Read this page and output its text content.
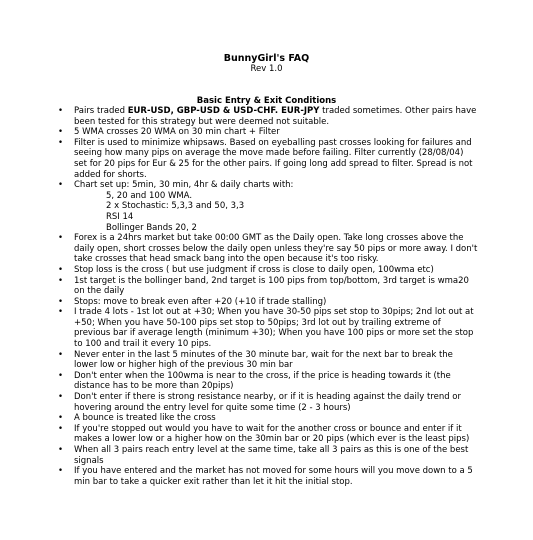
BunnyGirl's FAQ
Rev 1.0
Basic Entry & Exit Conditions
• Pairs traded EUR-USD, GBP-USD & USD-CHF. EUR-JPY traded sometimes. Other pairs have been tested for this strategy but were deemed not suitable.
• 5 WMA crosses 20 WMA on 30 min chart + Filter
• Filter is used to minimize whipsaws. Based on eyeballing past crosses looking for failures and seeing how many pips on average the move made before failing. Filter currently (28/08/04) set for 20 pips for Eur & 25 for the other pairs. If going long add spread to filter. Spread is not added for shorts.
• Chart set up: 5min, 30 min, 4hr & daily charts with:
5, 20 and 100 WMA.
2 x Stochastic: 5,3,3 and 50, 3,3
RSI 14
Bollinger Bands 20, 2
• Forex is a 24hrs market but take 00:00 GMT as the Daily open. Take long crosses above the daily open, short crosses below the daily open unless they're say 50 pips or more away. I don't take crosses that head smack bang into the open because it's too risky.
• Stop loss is the cross ( but use judgment if cross is close to daily open, 100wma etc)
• 1st target is the bollinger band, 2nd target is 100 pips from top/bottom, 3rd target is wma20 on the daily
• Stops: move to break even after +20 (+10 if trade stalling)
• I trade 4 lots - 1st lot out at +30; When you have 30-50 pips set stop to 30pips; 2nd lot out at +50; When you have 50-100 pips set stop to 50pips; 3rd lot out by trailing extreme of previous bar if average length (minimum +30); When you have 100 pips or more set the stop to 100 and trail it every 10 pips.
• Never enter in the last 5 minutes of the 30 minute bar, wait for the next bar to break the lower low or higher high of the previous 30 min bar
• Don't enter when the 100wma is near to the cross, if the price is heading towards it (the distance has to be more than 20pips)
• Don't enter if there is strong resistance nearby, or if it is heading against the daily trend or hovering around the entry level for quite some time (2 - 3 hours)
• A bounce is treated like the cross
• If you're stopped out would you have to wait for the another cross or bounce and enter if it makes a lower low or a higher how on the 30min bar or 20 pips (which ever is the least pips)
• When all 3 pairs reach entry level at the same time, take all 3 pairs as this is one of the best signals
• If you have entered and the market has not moved for some hours will you move down to a 5 min bar to take a quicker exit rather than let it hit the initial stop.
